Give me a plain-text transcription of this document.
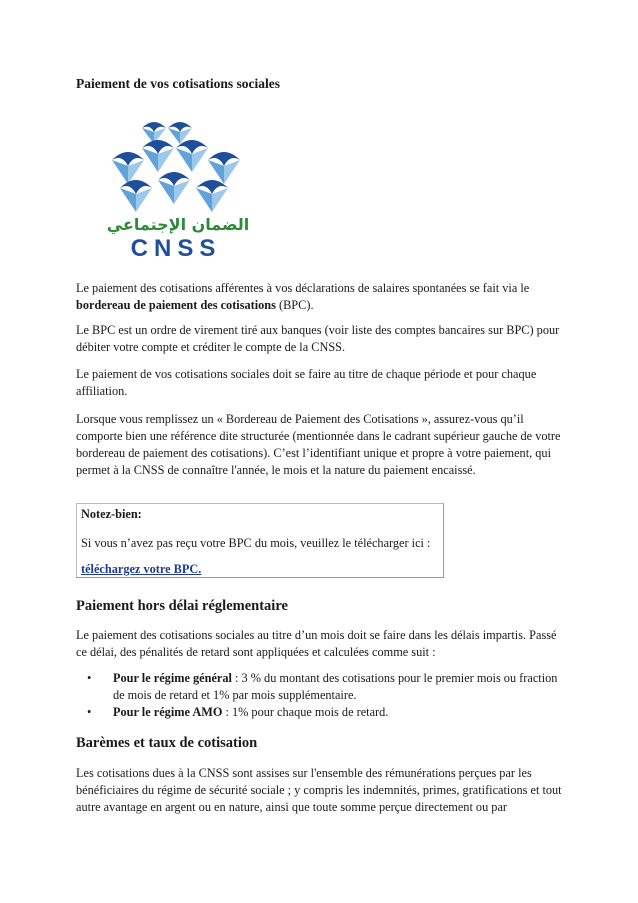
Paiement de vos cotisations sociales
الضمان الإجتماعي
CNSS

Le paiement des cotisations afférentes à vos déclarations de salaires spontanées se fait via le bordereau de paiement des cotisations (BPC).

Le BPC est un ordre de virement tiré aux banques (voir liste des comptes bancaires sur BPC) pour débiter votre compte et créditer le compte de la CNSS.

Le paiement de vos cotisations sociales doit se faire au titre de chaque période et pour chaque affiliation.

Lorsque vous remplissez un « Bordereau de Paiement des Cotisations », assurez-vous qu’il comporte bien une référence dite structurée (mentionnée dans le cadrant supérieur gauche de votre bordereau de paiement des cotisations). C’est l’identifiant unique et propre à votre paiement, qui permet à la CNSS de connaître l'année, le mois et la nature du paiement encaissé.

Notez-bien:
Si vous n’avez pas reçu votre BPC du mois, veuillez le télécharger ici :
téléchargez votre BPC.
Paiement hors délai réglementaire

Le paiement des cotisations sociales au titre d’un mois doit se faire dans les délais impartis. Passé ce délai, des pénalités de retard sont appliquées et calculées comme suit :

• Pour le régime général : 3 % du montant des cotisations pour le premier mois ou fraction de mois de retard et 1% par mois supplémentaire.
• Pour le régime AMO : 1% pour chaque mois de retard.
Barèmes et taux de cotisation

Les cotisations dues à la CNSS sont assises sur l'ensemble des rémunérations perçues par les bénéficiaires du régime de sécurité sociale ; y compris les indemnités, primes, gratifications et tout autre avantage en argent ou en nature, ainsi que toute somme perçue directement ou par
